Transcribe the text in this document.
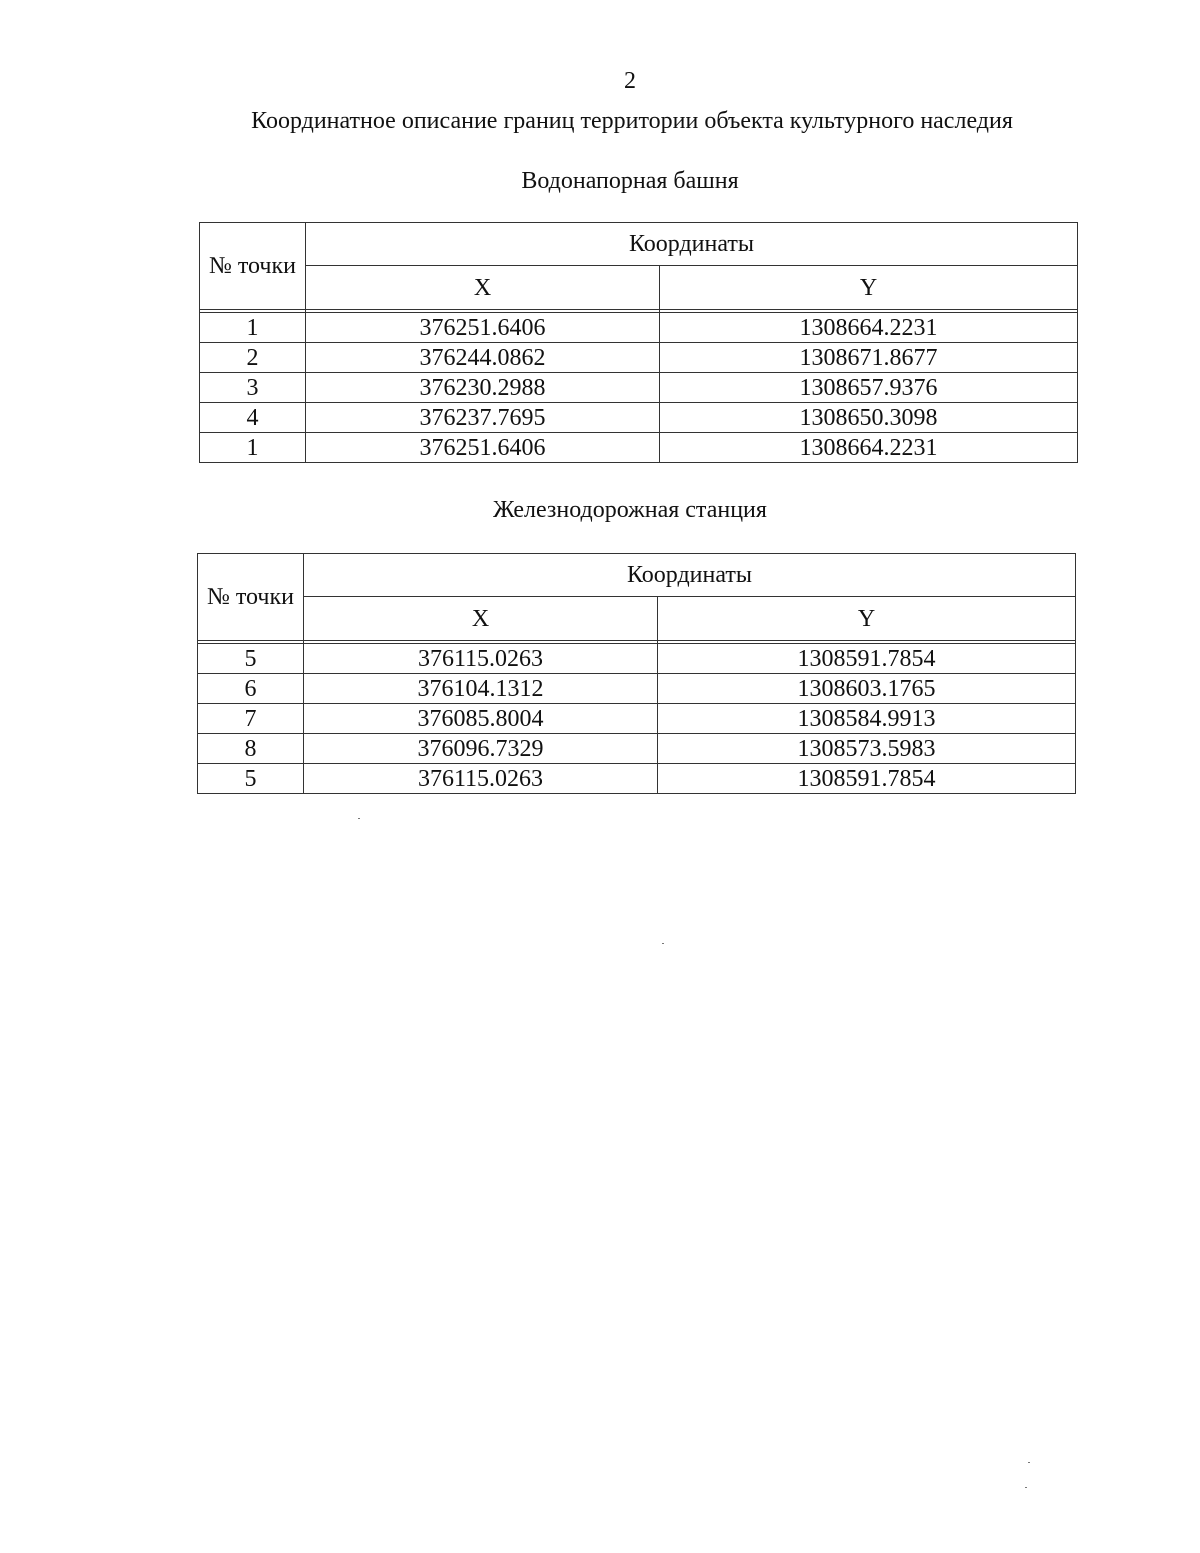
2
Координатное описание границ территории объекта культурного наследия
Водонапорная башня
№ точки	Координаты	
	X	Y

1	376251.6406	1308664.2231
2	376244.0862	1308671.8677
3	376230.2988	1308657.9376
4	376237.7695	1308650.3098
1	376251.6406	1308664.2231
Железнодорожная станция
№ точки	Координаты	
	X	Y

5	376115.0263	1308591.7854
6	376104.1312	1308603.1765
7	376085.8004	1308584.9913
8	376096.7329	1308573.5983
5	376115.0263	1308591.7854
